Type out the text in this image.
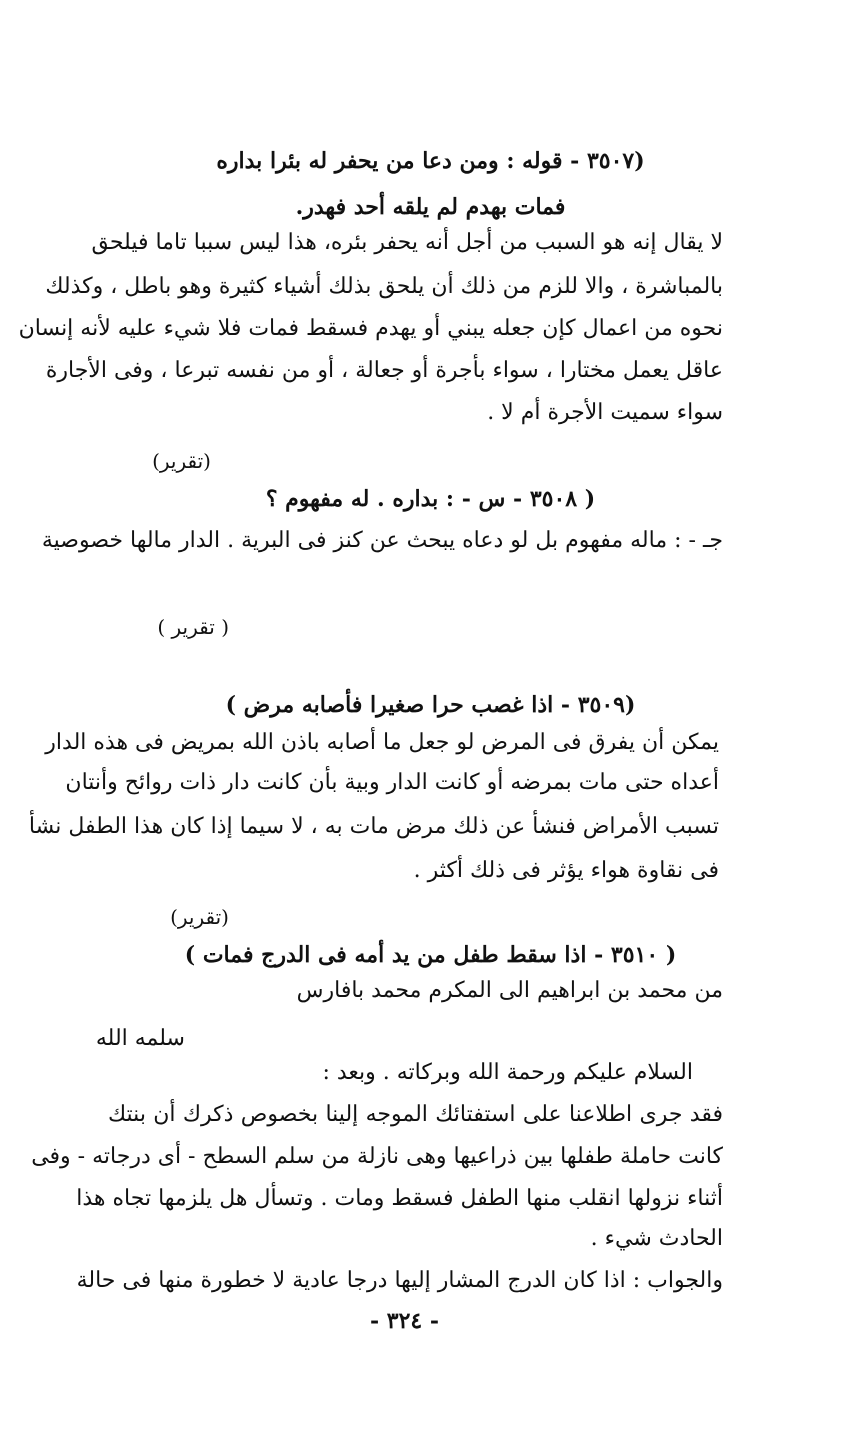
(٣٥٠٧ - قوله : ومن دعا من يحفر له بئرا بداره
فمات بهدم لم يلقه أحد فهدر.
لا يقال إنه هو السبب من أجل أنه يحفر بئره، هذا ليس سببا تاما فيلحق
بالمباشرة ، والا للزم من ذلك أن يلحق بذلك أشياء كثيرة وهو باطل ، وكذلك
نحوه من اعمال كإن جعله يبني أو يهدم فسقط فمات فلا شيء عليه لأنه إنسان
عاقل يعمل مختارا ، سواء بأجرة أو جعالة ، أو من نفسه تبرعا ، وفى الأجارة
سواء سميت الأجرة أم لا .
(تقرير)
( ٣٥٠٨ - س - : بداره . له مفهوم ؟
جـ - : ماله مفهوم بل لو دعاه يبحث عن كنز فى البرية . الدار مالها خصوصية
( تقرير )
(٣٥٠٩ - اذا غصب حرا صغيرا فأصابه مرض )
يمكن أن يفرق فى المرض لو جعل ما أصابه باذن الله بمريض فى هذه الدار
أعداه حتى مات بمرضه أو كانت الدار وبية بأن كانت دار ذات روائح وأنتان
تسبب الأمراض فنشأ عن ذلك مرض مات به ، لا سيما إذا كان هذا الطفل نشأ
فى نقاوة هواء يؤثر فى ذلك أكثر .
(تقرير)
( ٣٥١٠ - اذا سقط طفل من يد أمه فى الدرج فمات )
من محمد بن ابراهيم الى المكرم محمد بافارس
سلمه الله
السلام عليكم ورحمة الله وبركاته . وبعد :
فقد جرى اطلاعنا على استفتائك الموجه إلينا بخصوص ذكرك أن بنتك
كانت حاملة طفلها بين ذراعيها وهى نازلة من سلم السطح - أى درجاته - وفى
أثناء نزولها انقلب منها الطفل فسقط ومات . وتسأل هل يلزمها تجاه هذا
الحادث شيء .
والجواب : اذا كان الدرج المشار إليها درجا عادية لا خطورة منها فى حالة
- ٣٢٤ -
